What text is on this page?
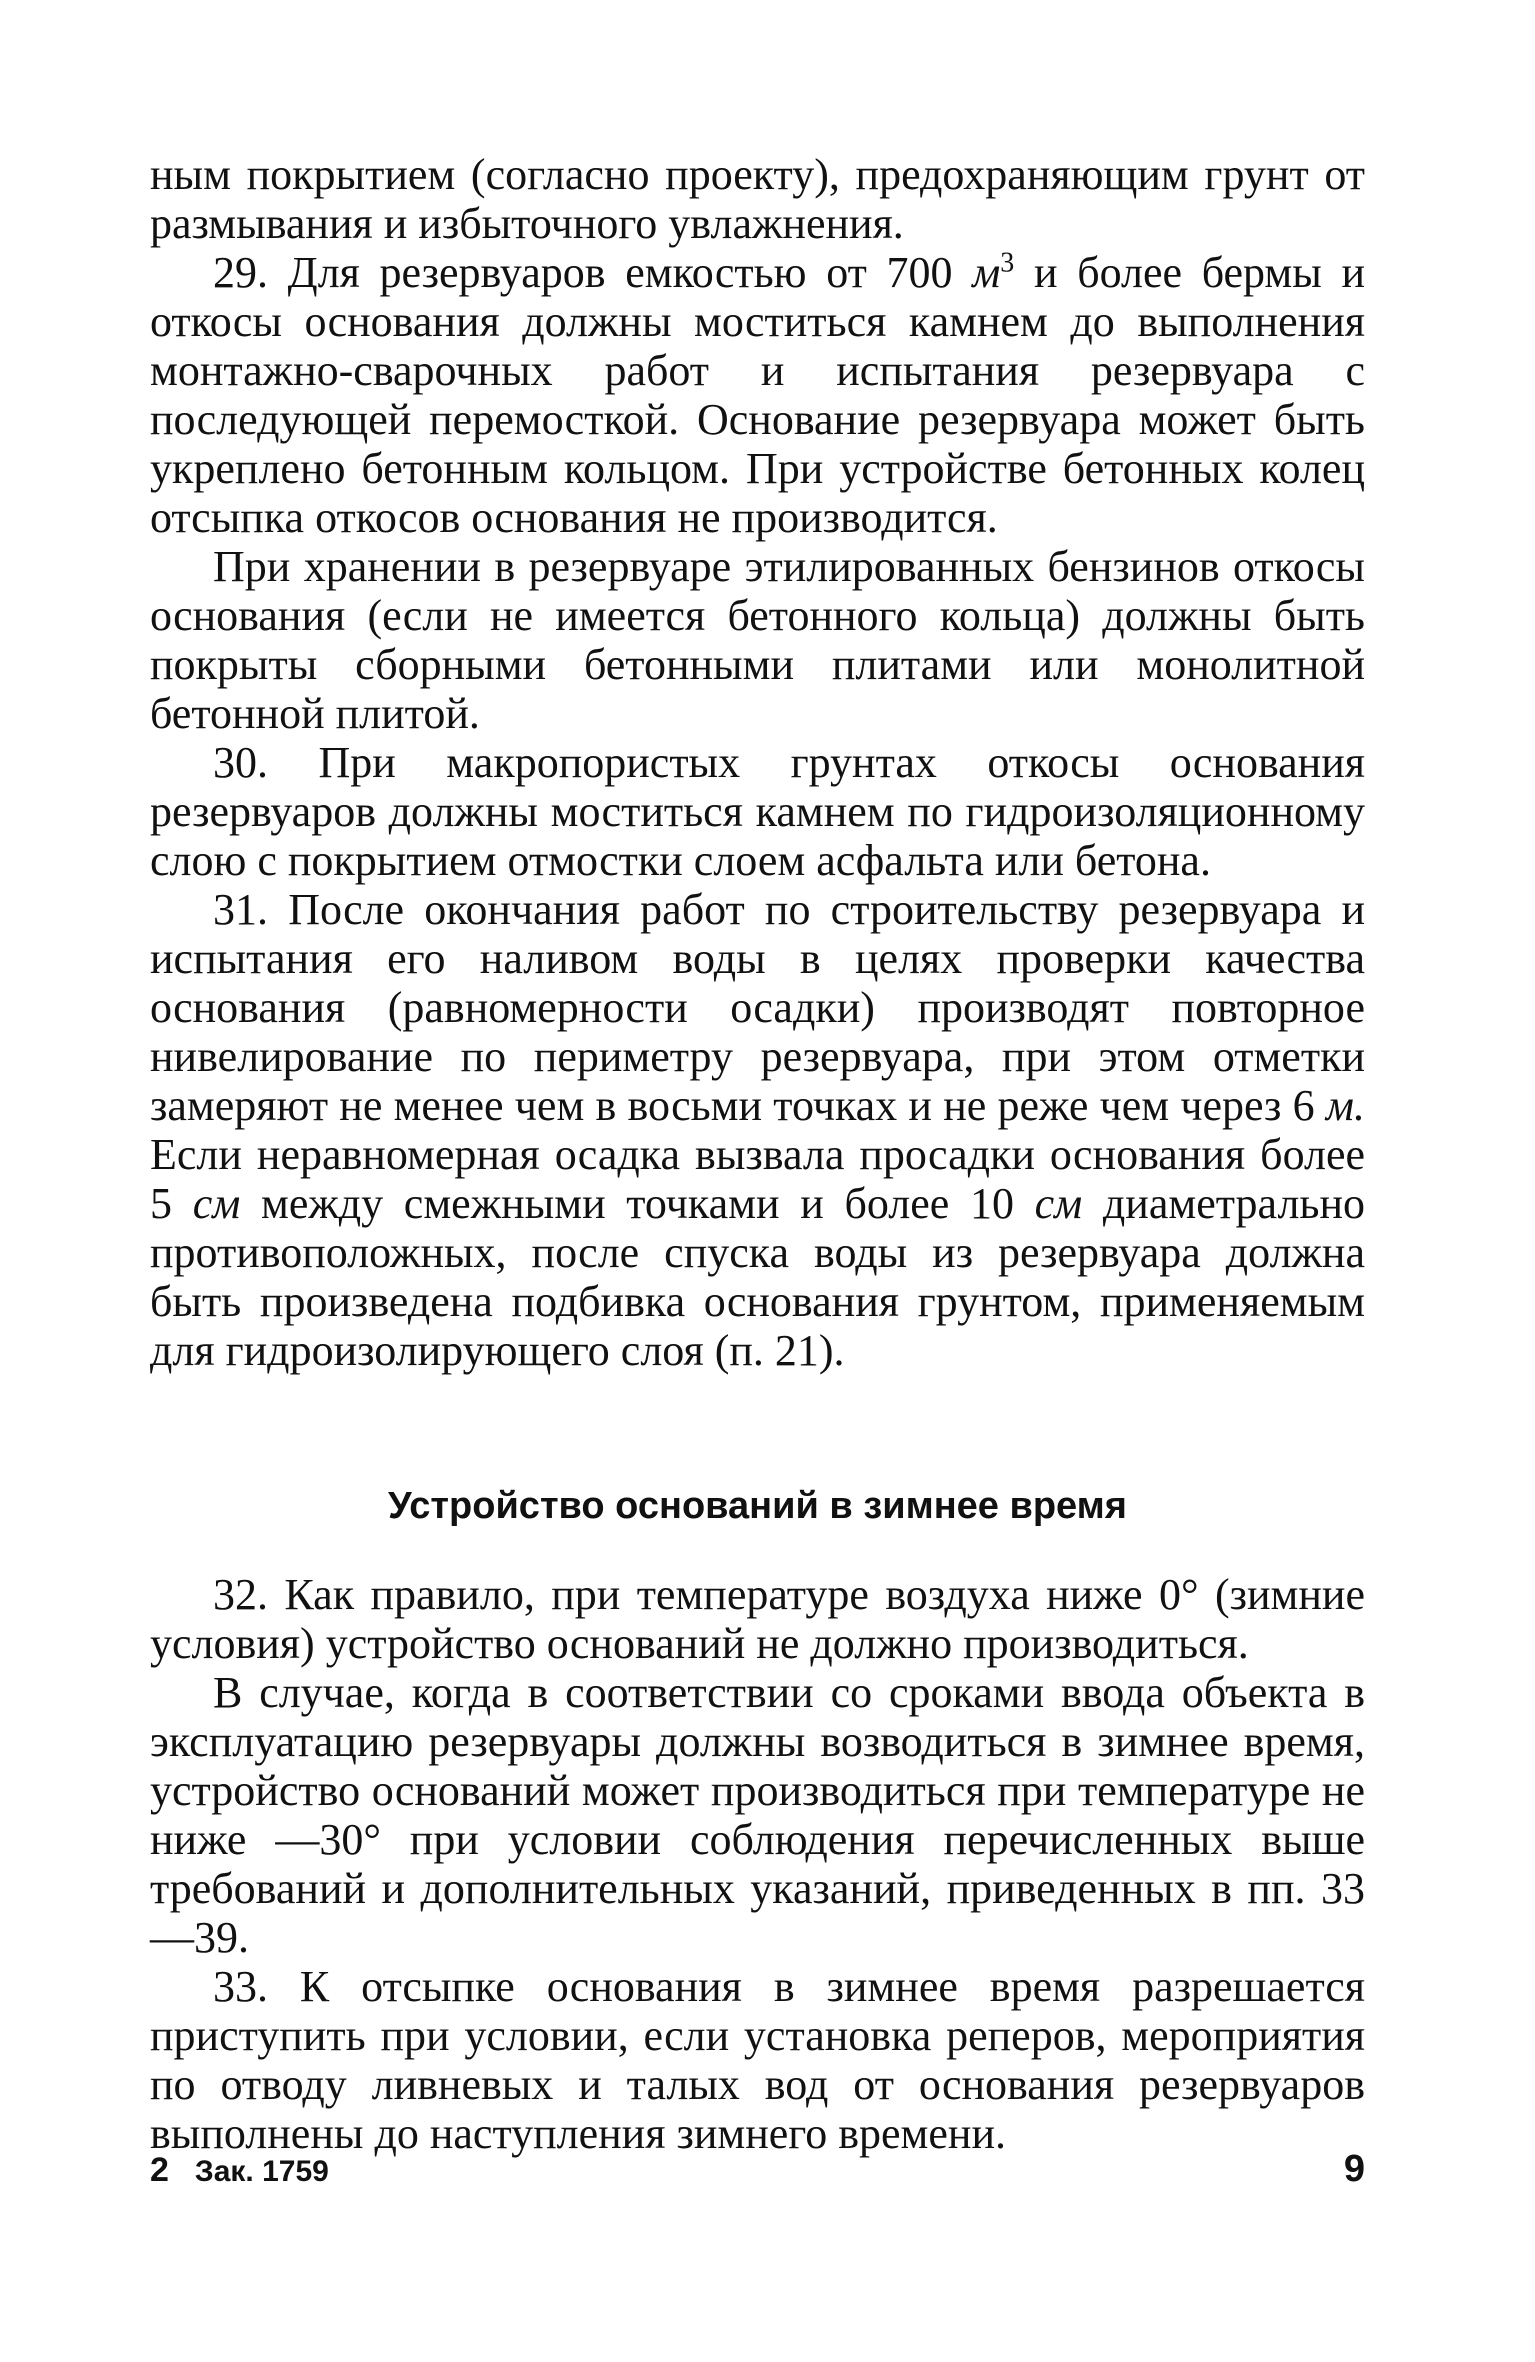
ным покрытием (согласно проекту), предохраняющим грунт от размывания и избыточного увлажнения.

29. Для резервуаров емкостью от 700 $м^3$ и более бермы и откосы основания должны моститься камнем до выполнения монтажно-сварочных работ и испытания резервуара с последующей перемосткой. Основание резервуара может быть укреплено бетонным кольцом. При устройстве бетонных колец отсыпка откосов основания не производится.

При хранении в резервуаре этилированных бензинов откосы основания (если не имеется бетонного кольца) должны быть покрыты сборными бетонными плитами или монолитной бетонной плитой.

30. При макропористых грунтах откосы основания резервуаров должны моститься камнем по гидроизоляционному слою с покрытием отмостки слоем асфальта или бетона.

31. После окончания работ по строительству резервуара и испытания его наливом воды в целях проверки качества основания (равномерности осадки) производят повторное нивелирование по периметру резервуара, при этом отметки замеряют не менее чем в восьми точках и не реже чем через 6 м. Если неравномерная осадка вызвала просадки основания более 5 см между смежными точками и более 10 см диаметрально противоположных, после спуска воды из резервуара должна быть произведена подбивка основания грунтом, применяемым для гидроизолирующего слоя (п. 21).

Устройство оснований в зимнее время

32. Как правило, при температуре воздуха ниже 0° (зимние условия) устройство оснований не должно производиться.

В случае, когда в соответствии со сроками ввода объекта в эксплуатацию резервуары должны возводиться в зимнее время, устройство оснований может производиться при температуре не ниже —30° при условии соблюдения перечисленных выше требований и дополнительных указаний, приведенных в пп. 33—39.

33. К отсыпке основания в зимнее время разрешается приступить при условии, если установка реперов, мероприятия по отводу ливневых и талых вод от основания резервуаров выполнены до наступления зимнего времени.

2 Зак. 1759	9
